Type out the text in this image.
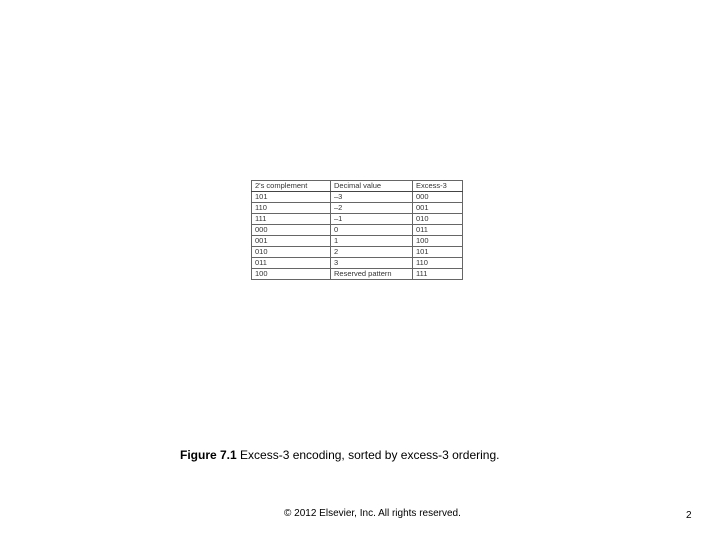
2's complement	Decimal value	Excess-3
101	–3	000
110	–2	001
111	–1	010
000	0	011
001	1	100
010	2	101
011	3	110
100	Reserved pattern	111
Figure 7.1 Excess-3 encoding, sorted by excess-3 ordering.
© 2012 Elsevier, Inc. All rights reserved.	2
